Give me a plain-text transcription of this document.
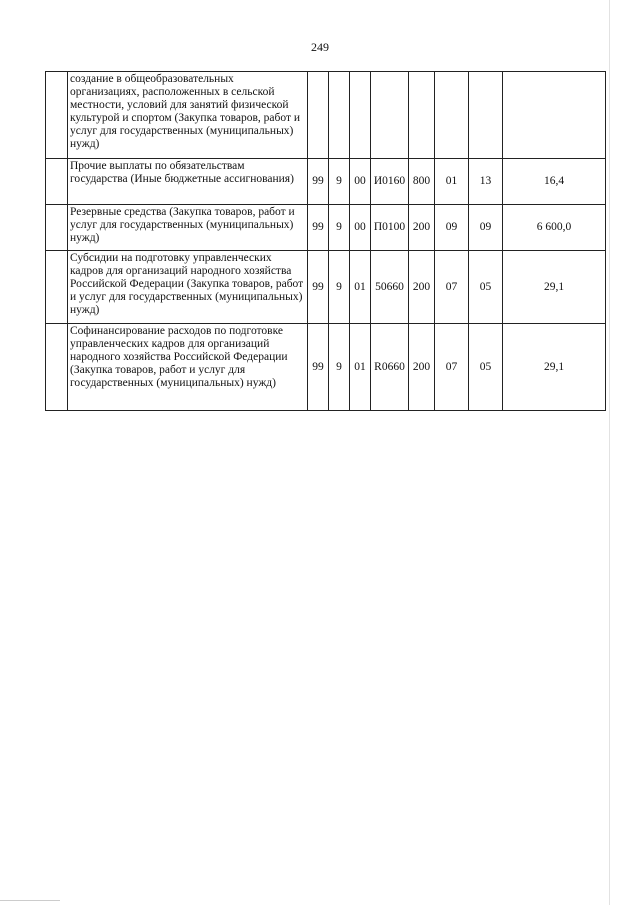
249
	создание в общеобразовательных организациях, расположенных в сельской местности, условий для занятий физической культурой и спортом (Закупка товаров, работ и услуг для государственных (муниципальных) нужд)								
	Прочие выплаты по обязательствам государства (Иные бюджетные ассигнования)	99	9	00	И0160	800	01	13	16,4
	Резервные средства (Закупка товаров, работ и услуг для государственных (муниципальных) нужд)	99	9	00	П0100	200	09	09	6 600,0
	Субсидии на подготовку управленческих кадров для организаций народного хозяйства Российской Федерации (Закупка товаров, работ и услуг для государственных (муниципальных) нужд)	99	9	01	50660	200	07	05	29,1
	Софинансирование расходов по подготовке управленческих кадров для организаций народного хозяйства Российской Федерации (Закупка товаров, работ и услуг для государственных (муниципальных) нужд)	99	9	01	R0660	200	07	05	29,1
